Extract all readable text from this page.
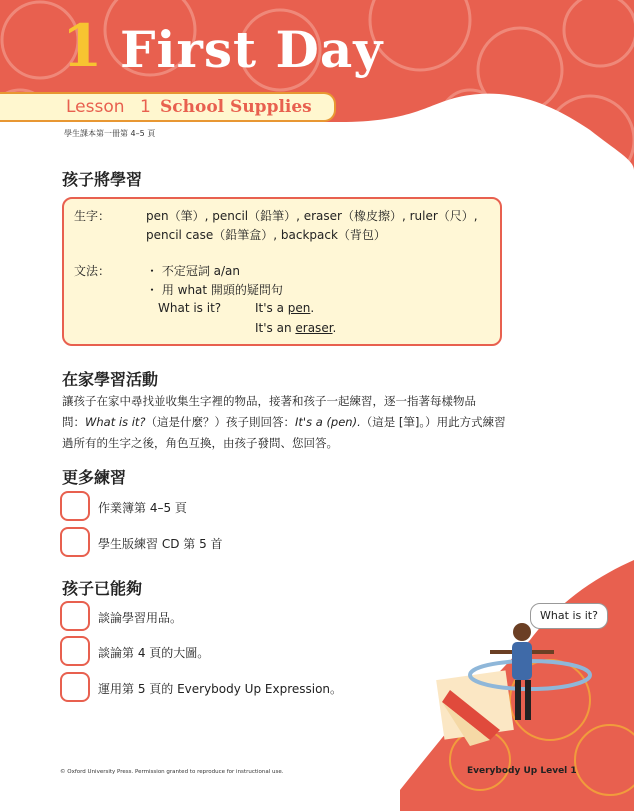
1 First Day
Lesson 1 School Supplies
學生課本第一冊第 4–5 頁
孩子將學習
生字：	pen（筆）, pencil（鉛筆）, eraser（橡皮擦）, ruler（尺）,
pencil case（鉛筆盒）, backpack（背包）
文法：	・ 不定冠詞 a/an
・ 用 what 開頭的疑問句
What is it?	It's a pen.
It's an eraser.
在家學習活動
讓孩子在家中尋找並收集生字裡的物品，接著和孩子一起練習，逐一指著每樣物品
問：What is it?（這是什麼？）孩子則回答：It's a (pen).（這是 [筆]。）用此方式練習
過所有的生字之後，角色互換，由孩子發問、您回答。
更多練習
作業簿第 4–5 頁
學生版練習 CD 第 5 首
孩子已能夠
談論學習用品。
談論第 4 頁的大圖。
運用第 5 頁的 Everybody Up Expression。
What is it?
© Oxford University Press. Permission granted to reproduce for instructional use.	Everybody Up Level 1
